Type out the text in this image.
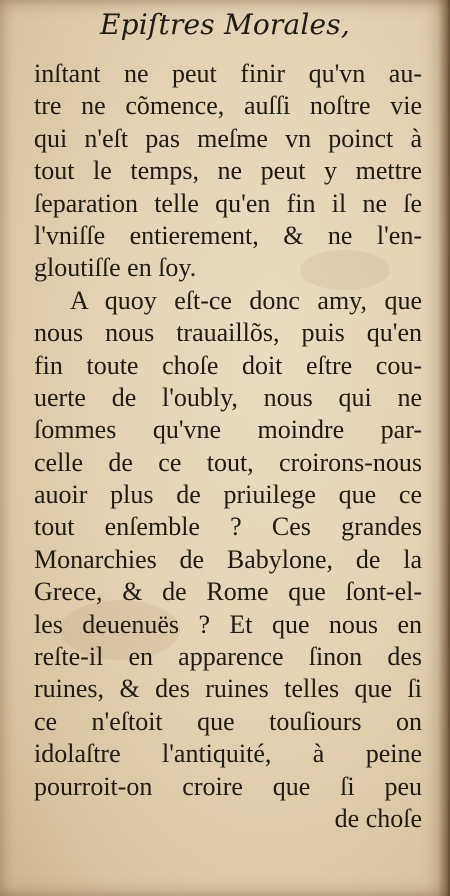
Epiſtres Morales,
inſtant ne peut finir qu'vn au-
tre ne cõmence, auſſi noſtre vie
qui n'eſt pas meſme vn poinct à
tout le temps, ne peut y mettre
ſeparation telle qu'en fin il ne ſe
l'vniſſe entierement, & ne l'en-
gloutiſſe en ſoy.
A quoy eſt-ce donc amy, que
nous nous trauaillõs, puis qu'en
fin toute choſe doit eſtre cou-
uerte de l'oubly, nous qui ne
ſommes qu'vne moindre par-
celle de ce tout, croirons-nous
auoir plus de priuilege que ce
tout enſemble ? Ces grandes
Monarchies de Babylone, de la
Grece, & de Rome que ſont-el-
les deuenuës ? Et que nous en
reſte-il en apparence ſinon des
ruines, & des ruines telles que ſi
ce n'eſtoit que touſiours on
idolaſtre l'antiquité, à peine
pourroit-on croire que ſi peu
de choſe
